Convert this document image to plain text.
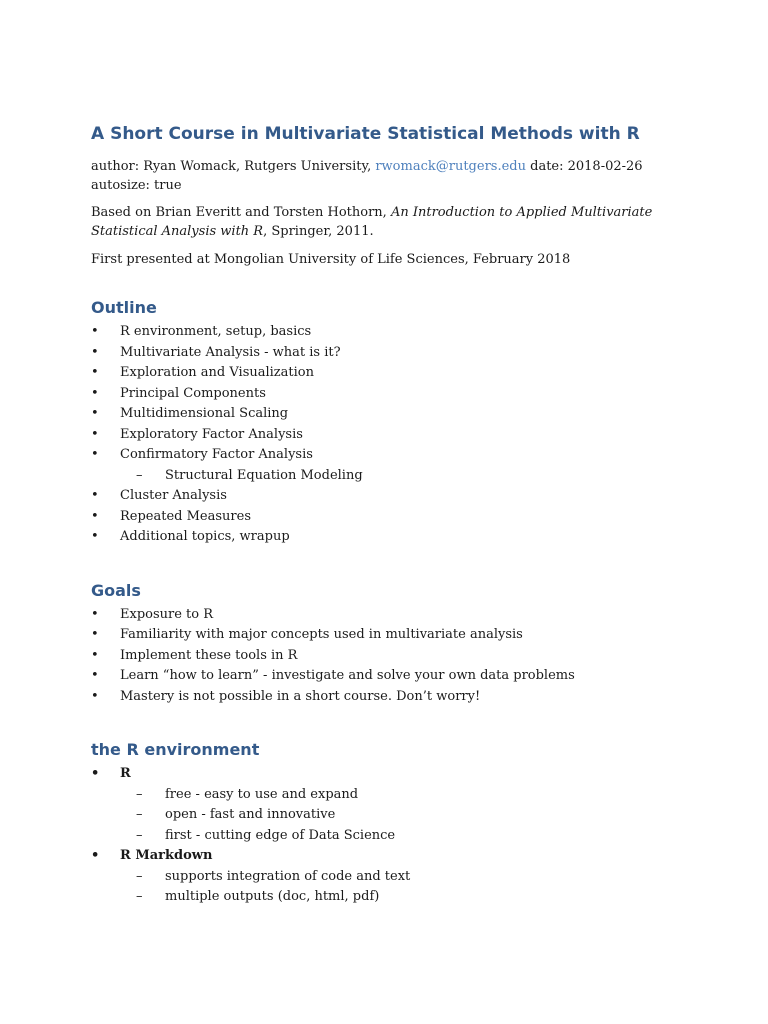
A Short Course in Multivariate Statistical Methods with R

author: Ryan Womack, Rutgers University, rwomack@rutgers.edu date: 2018-02-26
autosize: true

Based on Brian Everitt and Torsten Hothorn, An Introduction to Applied Multivariate Statistical Analysis with R, Springer, 2011.

First presented at Mongolian University of Life Sciences, February 2018

Outline
• R environment, setup, basics
• Multivariate Analysis - what is it?
• Exploration and Visualization
• Principal Components
• Multidimensional Scaling
• Exploratory Factor Analysis
• Confirmatory Factor Analysis
– Structural Equation Modeling
• Cluster Analysis
• Repeated Measures
• Additional topics, wrapup
Goals
• Exposure to R
• Familiarity with major concepts used in multivariate analysis
• Implement these tools in R
• Learn “how to learn” - investigate and solve your own data problems
• Mastery is not possible in a short course. Don’t worry!
the R environment
• R
– free - easy to use and expand
– open - fast and innovative
– first - cutting edge of Data Science
• R Markdown
– supports integration of code and text
– multiple outputs (doc, html, pdf)
